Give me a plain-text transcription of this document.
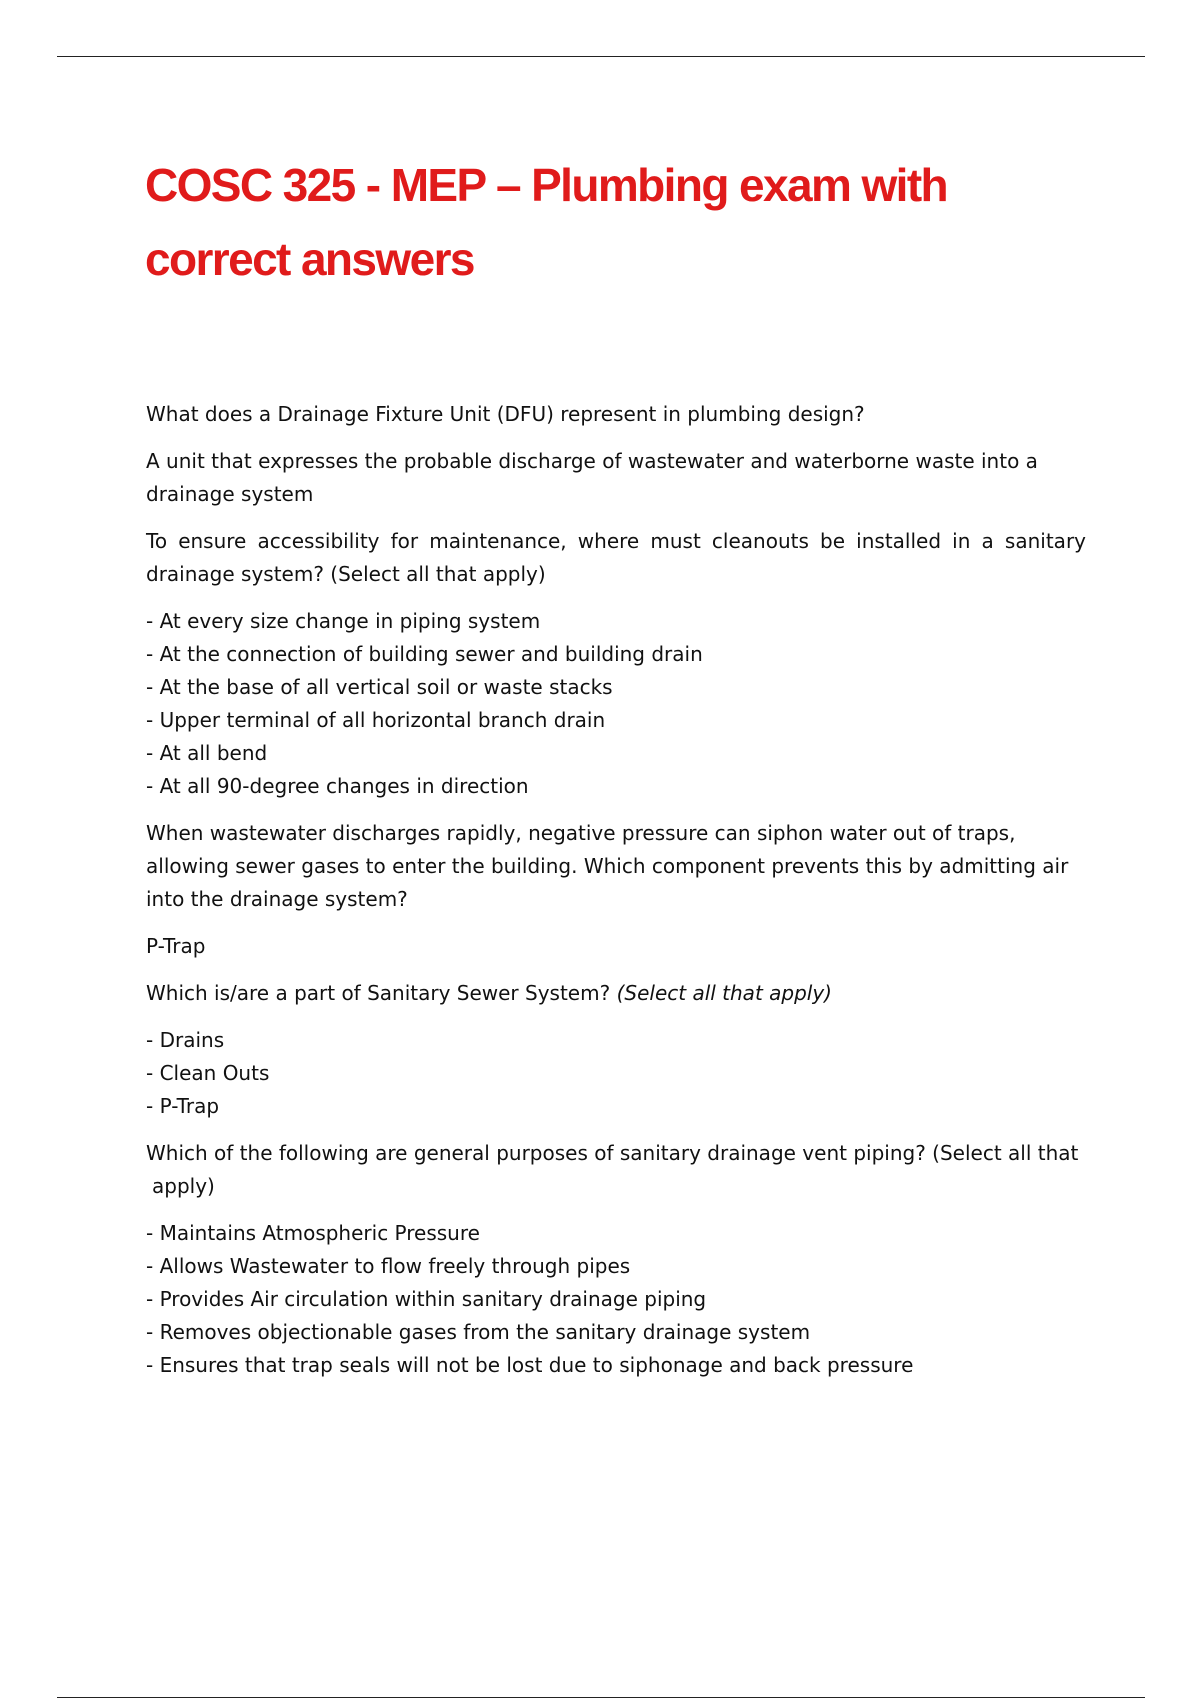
COSC 325 - MEP – Plumbing exam with
correct answers

What does a Drainage Fixture Unit (DFU) represent in plumbing design?

A unit that expresses the probable discharge of wastewater and waterborne waste into a drainage system

To ensure accessibility for maintenance, where must cleanouts be installed in a sanitary drainage system? (Select all that apply)

- At every size change in piping system
- At the connection of building sewer and building drain
- At the base of all vertical soil or waste stacks
- Upper terminal of all horizontal branch drain
- At all bend
- At all 90-degree changes in direction

When wastewater discharges rapidly, negative pressure can siphon water out of traps, allowing sewer gases to enter the building. Which component prevents this by admitting air into the drainage system?

P-Trap

Which is/are a part of Sanitary Sewer System? (Select all that apply)

- Drains
- Clean Outs
- P-Trap

Which of the following are general purposes of sanitary drainage vent piping? (Select all that
apply)

- Maintains Atmospheric Pressure
- Allows Wastewater to flow freely through pipes
- Provides Air circulation within sanitary drainage piping
- Removes objectionable gases from the sanitary drainage system
- Ensures that trap seals will not be lost due to siphonage and back pressure
